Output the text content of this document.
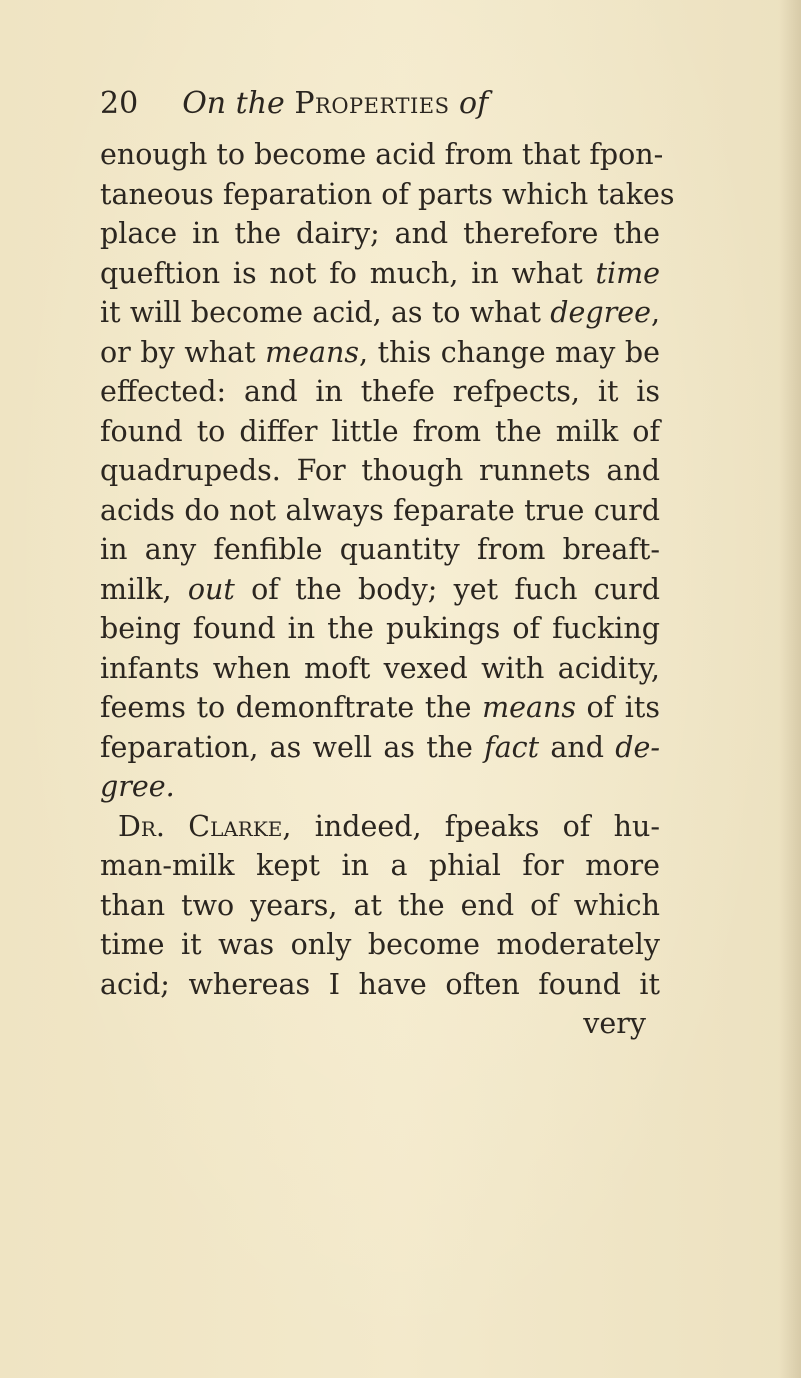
20 On the Properties of
enough to become acid from that fpon-
taneous feparation of parts which takes
place in the dairy; and therefore the
queftion is not fo much, in what time
it will become acid, as to what degree,
or by what means, this change may be
effected: and in thefe refpects, it is
found to differ little from the milk of
quadrupeds. For though runnets and
acids do not always feparate true curd
in any fenfible quantity from breaft-
milk, out of the body; yet fuch curd
being found in the pukings of fucking
infants when moft vexed with acidity,
feems to demonftrate the means of its
feparation, as well as the fact and de-
gree.
Dr. Clarke, indeed, fpeaks of hu-
man-milk kept in a phial for more
than two years, at the end of which
time it was only become moderately
acid; whereas I have often found it
very
